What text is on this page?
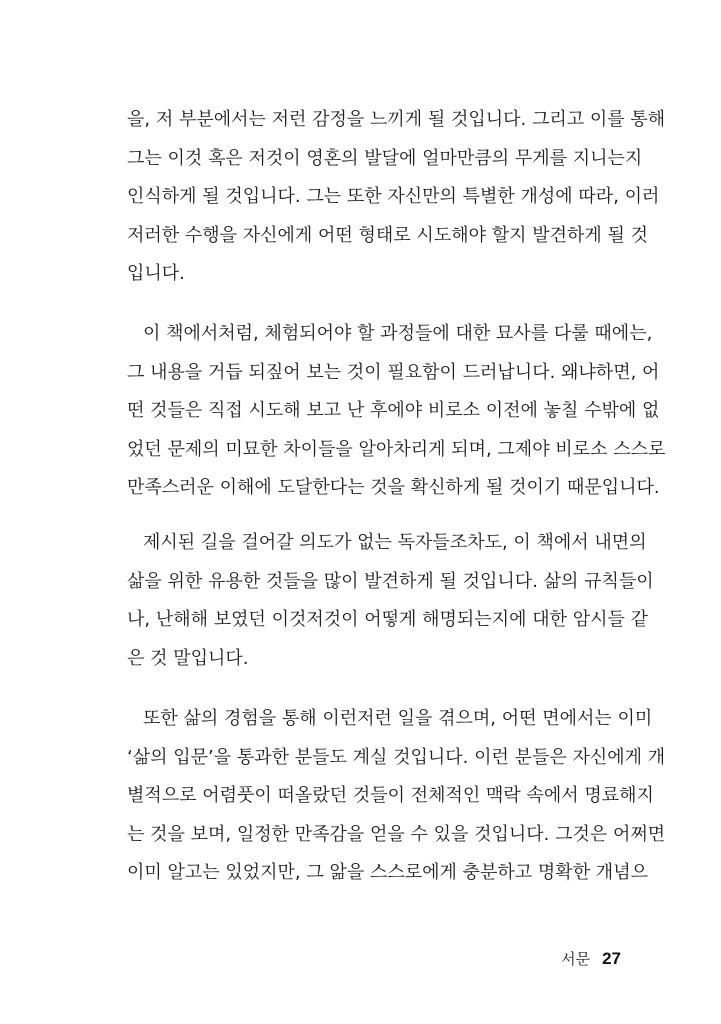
을, 저 부분에서는 저런 감정을 느끼게 될 것입니다. 그리고 이를 통해
그는 이것 혹은 저것이 영혼의 발달에 얼마만큼의 무게를 지니는지
인식하게 될 것입니다. 그는 또한 자신만의 특별한 개성에 따라, 이러
저러한 수행을 자신에게 어떤 형태로 시도해야 할지 발견하게 될 것
입니다.
이 책에서처럼, 체험되어야 할 과정들에 대한 묘사를 다룰 때에는,
그 내용을 거듭 되짚어 보는 것이 필요함이 드러납니다. 왜냐하면, 어
떤 것들은 직접 시도해 보고 난 후에야 비로소 이전에 놓칠 수밖에 없
었던 문제의 미묘한 차이들을 알아차리게 되며, 그제야 비로소 스스로
만족스러운 이해에 도달한다는 것을 확신하게 될 것이기 때문입니다.
제시된 길을 걸어갈 의도가 없는 독자들조차도, 이 책에서 내면의
삶을 위한 유용한 것들을 많이 발견하게 될 것입니다. 삶의 규칙들이
나, 난해해 보였던 이것저것이 어떻게 해명되는지에 대한 암시들 같
은 것 말입니다.
또한 삶의 경험을 통해 이런저런 일을 겪으며, 어떤 면에서는 이미
‘삶의 입문’을 통과한 분들도 계실 것입니다. 이런 분들은 자신에게 개
별적으로 어렴풋이 떠올랐던 것들이 전체적인 맥락 속에서 명료해지
는 것을 보며, 일정한 만족감을 얻을 수 있을 것입니다. 그것은 어쩌면
이미 알고는 있었지만, 그 앎을 스스로에게 충분하고 명확한 개념으
서문 27
